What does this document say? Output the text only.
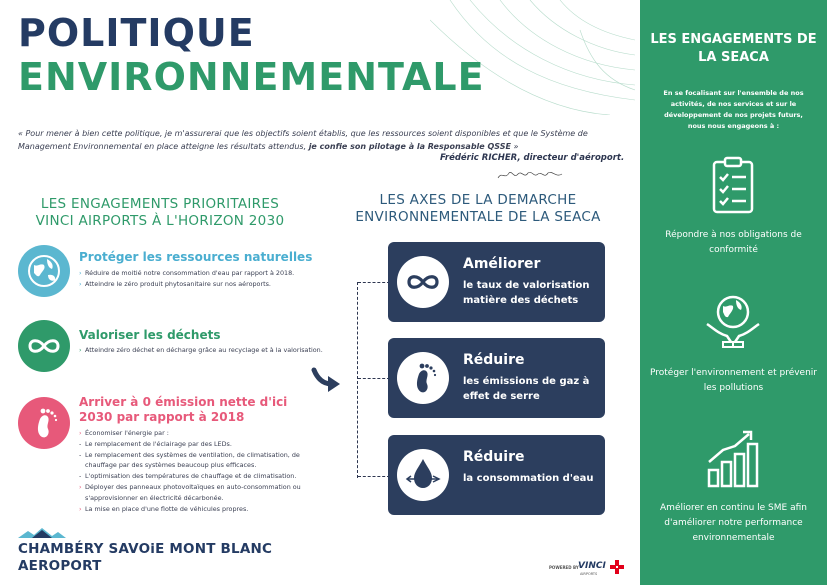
POLITIQUE
ENVIRONNEMENTALE

« Pour mener à bien cette politique, je m'assurerai que les objectifs soient établis, que les ressources soient disponibles et que le Système de Management Environnemental en place atteigne les résultats attendus, je confie son pilotage à la Responsable QSSE »

Frédéric RICHER, directeur d'aéroport.
LES ENGAGEMENTS PRIORITAIRES VINCI AIRPORTS À L'HORIZON 2030
LES AXES DE LA DEMARCHE ENVIRONNEMENTALE DE LA SEACA
Protéger les ressources naturelles
› Réduire de moitié notre consommation d'eau par rapport à 2018.
› Atteindre le zéro produit phytosanitaire sur nos aéroports.
Valoriser les déchets
› Atteindre zéro déchet en décharge grâce au recyclage et à la valorisation.
Arriver à 0 émission nette d'ici 2030 par rapport à 2018
› Économiser l'énergie par :
- Le remplacement de l'éclairage par des LEDs.
- Le remplacement des systèmes de ventilation, de climatisation, de chauffage par des systèmes beaucoup plus efficaces.
- L'optimisation des températures de chauffage et de climatisation.
› Déployer des panneaux photovoltaïques en auto-consommation ou s'approvisionner en électricité décarbonée.
› La mise en place d'une flotte de véhicules propres.
Améliorer
le taux de valorisation matière des déchets
Réduire
les émissions de gaz à effet de serre
Réduire
la consommation d'eau
CHAMBÉRY SAVOiE MONT BLANC
AEROPORT	POWERED BY VINCI
AIRPORTS
LES ENGAGEMENTS DE LA SEACA
En se focalisant sur l'ensemble de nos activités, de nos services et sur le développement de nos projets futurs, nous nous engageons à :
Répondre à nos obligations de conformité
Protéger l'environnement et prévenir les pollutions
Améliorer en continu le SME afin d'améliorer notre performance environnementale
